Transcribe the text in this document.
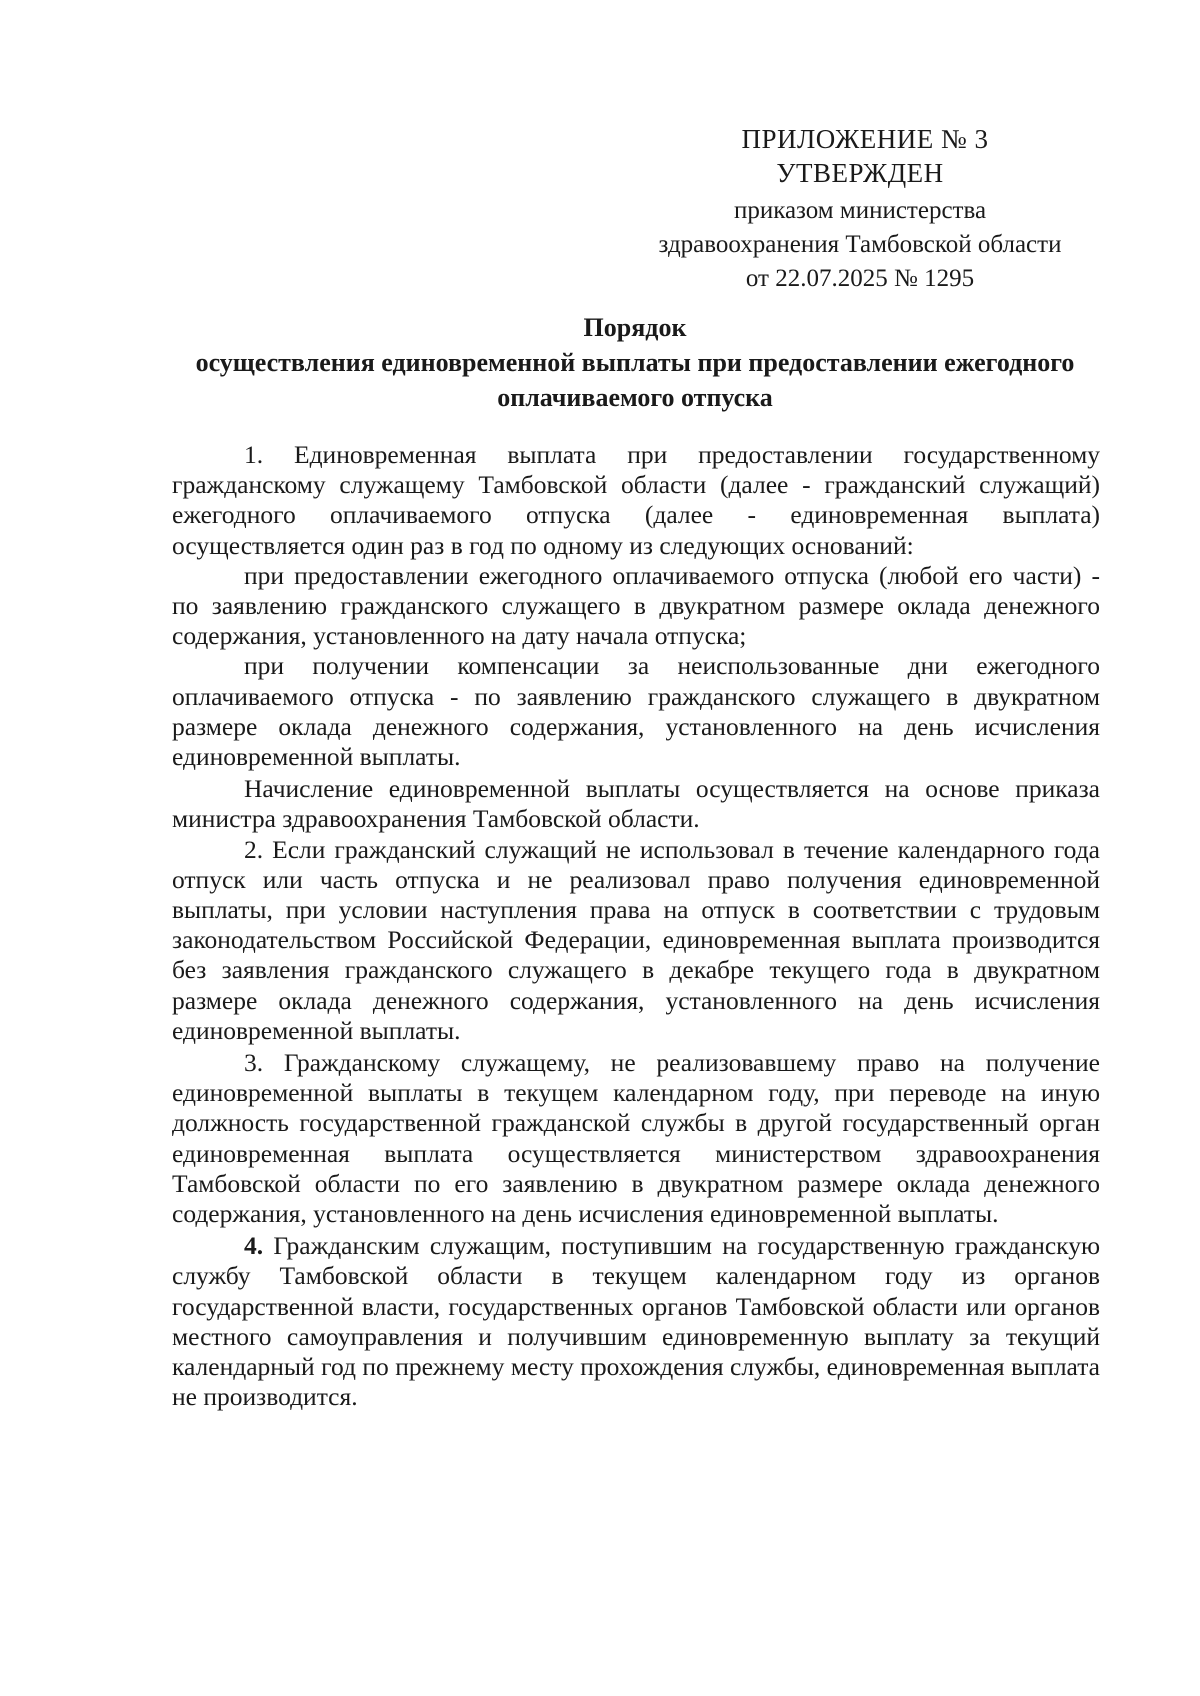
ПРИЛОЖЕНИЕ № 3
УТВЕРЖДЕН
приказом министерства
здравоохранения Тамбовской области
от 22.07.2025 № 1295
Порядок
осуществления единовременной выплаты при предоставлении ежегодного
оплачиваемого отпуска

1. Единовременная выплата при предоставлении государственному гражданскому служащему Тамбовской области (далее - гражданский служащий) ежегодного оплачиваемого отпуска (далее - единовременная выплата) осуществляется один раз в год по одному из следующих оснований:

при предоставлении ежегодного оплачиваемого отпуска (любой его части) - по заявлению гражданского служащего в двукратном размере оклада денежного содержания, установленного на дату начала отпуска;

при получении компенсации за неиспользованные дни ежегодного оплачиваемого отпуска - по заявлению гражданского служащего в двукратном размере оклада денежного содержания, установленного на день исчисления единовременной выплаты.

Начисление единовременной выплаты осуществляется на основе приказа министра здравоохранения Тамбовской области.

2. Если гражданский служащий не использовал в течение календарного года отпуск или часть отпуска и не реализовал право получения единовременной выплаты, при условии наступления права на отпуск в соответствии с трудовым законодательством Российской Федерации, единовременная выплата производится без заявления гражданского служащего в декабре текущего года в двукратном размере оклада денежного содержания, установленного на день исчисления единовременной выплаты.

3. Гражданскому служащему, не реализовавшему право на получение единовременной выплаты в текущем календарном году, при переводе на иную должность государственной гражданской службы в другой государственный орган единовременная выплата осуществляется министерством здравоохранения Тамбовской области по его заявлению в двукратном размере оклада денежного содержания, установленного на день исчисления единовременной выплаты.

4. Гражданским служащим, поступившим на государственную гражданскую службу Тамбовской области в текущем календарном году из органов государственной власти, государственных органов Тамбовской области или органов местного самоуправления и получившим единовременную выплату за текущий календарный год по прежнему месту прохождения службы, единовременная выплата не производится.
